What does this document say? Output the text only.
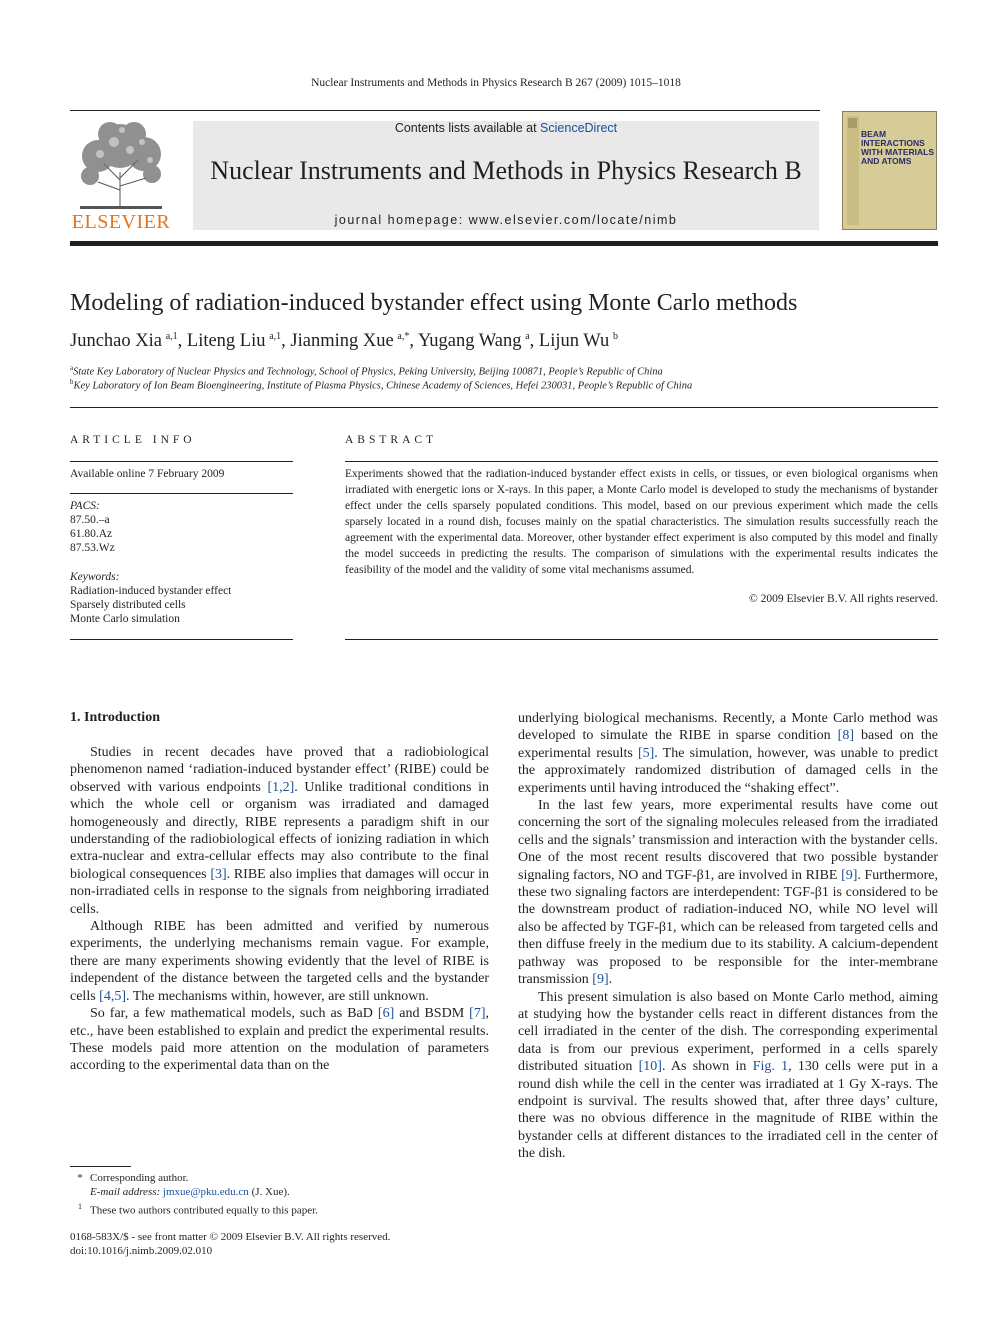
Nuclear Instruments and Methods in Physics Research B 267 (2009) 1015–1018
ELSEVIER
Contents lists available at ScienceDirect
Nuclear Instruments and Methods in Physics Research B
journal homepage: www.elsevier.com/locate/nimb
BEAM INTERACTIONS WITH MATERIALS AND ATOMS
Modeling of radiation-induced bystander effect using Monte Carlo methods
Junchao Xia  $^{a,1}$, Liteng Liu  $^{a,1}$, Jianming Xue  $^{a,*}$, Yugang Wang  $^a$, Lijun Wu  $^b$
$^a$State Key Laboratory of Nuclear Physics and Technology, School of Physics, Peking University, Beijing 100871, People’s Republic of China
$^b$Key Laboratory of Ion Beam Bioengineering, Institute of Plasma Physics, Chinese Academy of Sciences, Hefei 230031, People’s Republic of China
ARTICLE INFO
Available online 7 February 2009
PACS:
87.50.–a
61.80.Az
87.53.Wz
Keywords:
Radiation-induced bystander effect
Sparsely distributed cells
Monte Carlo simulation
ABSTRACT
Experiments showed that the radiation-induced bystander effect exists in cells, or tissues, or even biological organisms when irradiated with energetic ions or X-rays. In this paper, a Monte Carlo model is developed to study the mechanisms of bystander effect under the cells sparsely populated conditions. This model, based on our previous experiment which made the cells sparsely located in a round dish, focuses mainly on the spatial characteristics. The simulation results successfully reach the agreement with the experimental data. Moreover, other bystander effect experiment is also computed by this model and finally the model succeeds in predicting the results. The comparison of simulations with the experimental results indicates the feasibility of the model and the validity of some vital mechanisms assumed.
© 2009 Elsevier B.V. All rights reserved.
1. Introduction

Studies in recent decades have proved that a radiobiological phenomenon named ‘radiation-induced bystander effect’ (RIBE) could be observed with various endpoints [1,2]. Unlike traditional conditions in which the whole cell or organism was irradiated and damaged homogeneously and directly, RIBE represents a paradigm shift in our understanding of the radiobiological effects of ionizing radiation in which extra-nuclear and extra-cellular effects may also contribute to the final biological consequences [3]. RIBE also implies that damages will occur in non-irradiated cells in response to the signals from neighboring irradiated cells.

Although RIBE has been admitted and verified by numerous experiments, the underlying mechanisms remain vague. For example, there are many experiments showing evidently that the level of RIBE is independent of the distance between the targeted cells and the bystander cells [4,5]. The mechanisms within, however, are still unknown.

So far, a few mathematical models, such as BaD [6] and BSDM [7], etc., have been established to explain and predict the experimental results. These models paid more attention on the modulation of parameters according to the experimental data than on the

underlying biological mechanisms. Recently, a Monte Carlo method was developed to simulate the RIBE in sparse condition [8] based on the experimental results [5]. The simulation, however, was unable to predict the approximately randomized distribution of damaged cells in the experiments until having introduced the “shaking effect”.

In the last few years, more experimental results have come out concerning the sort of the signaling molecules released from the irradiated cells and the signals’ transmission and interaction with the bystander cells. One of the most recent results discovered that two possible bystander signaling factors, NO and TGF-β1, are involved in RIBE [9]. Furthermore, these two signaling factors are interdependent: TGF-β1 is considered to be the downstream product of radiation-induced NO, while NO level will also be affected by TGF-β1, which can be released from targeted cells and then diffuse freely in the medium due to its stability. A calcium-dependent pathway was proposed to be responsible for the inter-membrane transmission [9].

This present simulation is also based on Monte Carlo method, aiming at studying how the bystander cells react in different distances from the cell irradiated in the center of the dish. The corresponding experimental data is from our previous experiment, performed in a cells sparely distributed situation [10]. As shown in Fig. 1, 130 cells were put in a round dish while the cell in the center was irradiated at 1 Gy X-rays. The endpoint is survival. The results showed that, after three days’ culture, there was no obvious difference in the magnitude of RIBE within the bystander cells at different distances to the irradiated cell in the center of the dish.

* Corresponding author.
E-mail address: jmxue@pku.edu.cn (J. Xue).
$^1$ These two authors contributed equally to this paper.
0168-583X/$ - see front matter © 2009 Elsevier B.V. All rights reserved.
doi:10.1016/j.nimb.2009.02.010
